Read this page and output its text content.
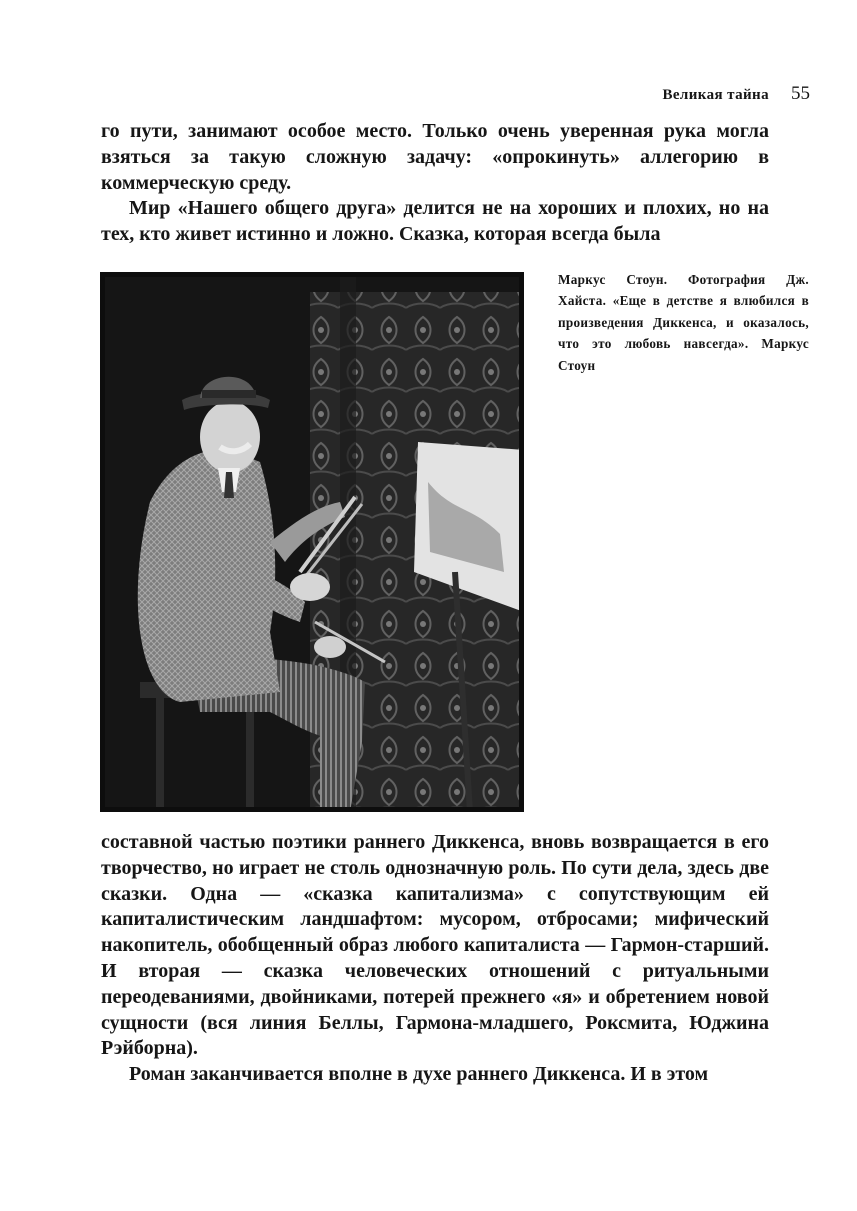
Великая тайна 55

го пути, занимают особое место. Только очень уверенная рука могла взяться за такую сложную задачу: «опрокинуть» аллегорию в коммерческую среду.

Мир «Нашего общего друга» делится не на хороших и плохих, но на тех, кто живет истинно и ложно. Сказка, которая всегда была

Маркус Стоун. Фотография Дж. Хайста. «Еще в детстве я влюбился в произведения Диккенса, и оказалось, что это любовь навсегда». Маркус Стоун

составной частью поэтики раннего Диккенса, вновь возвращается в его творчество, но играет не столь однозначную роль. По сути дела, здесь две сказки. Одна — «сказка капитализма» с сопутствующим ей капиталистическим ландшафтом: мусором, отбросами; мифический накопитель, обобщенный образ любого капиталиста — Гармон-старший. И вторая — сказка человеческих отношений с ритуальными переодеваниями, двойниками, потерей прежнего «я» и обретением новой сущности (вся линия Беллы, Гармона-младшего, Роксмита, Юджина Рэйборна).

Роман заканчивается вполне в духе раннего Диккенса. И в этом
